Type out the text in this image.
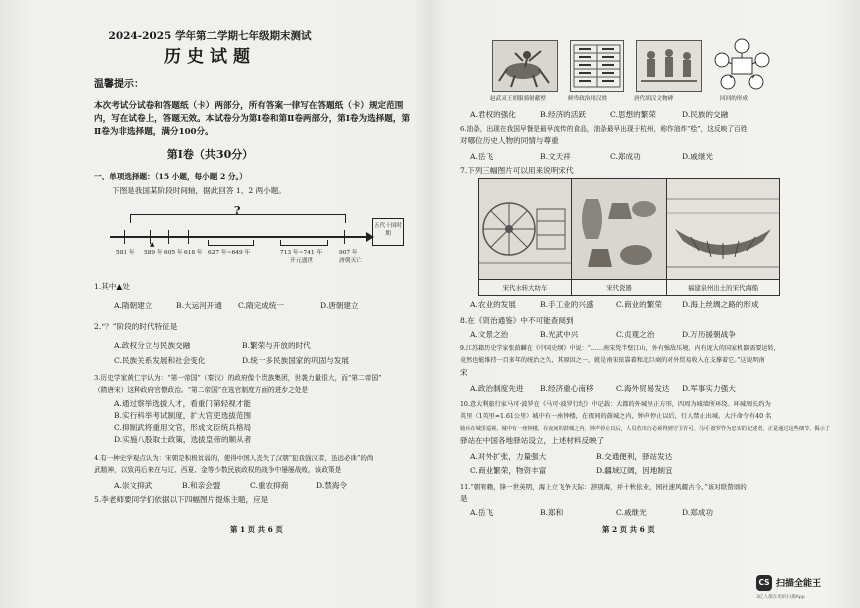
2024-2025 学年第二学期七年级期末测试
历史试题
温馨提示：
本次考试分试卷和答题纸（卡）两部分，所有答案一律写在答题纸（卡）规定范围内，写在试卷上，答题无效。本试卷分为第Ⅰ卷和第Ⅱ卷两部分，第Ⅰ卷为选择题，第Ⅱ卷为非选择题，满分100分。
第Ⅰ卷（共30分）
一、单项选择题：（15 小题，每小题 2 分。）
下图是我国某阶段时间轴，据此回答 1、2 两小题。
?
581 年 589 年 605 年 618 年 627 年~649 年	713 年~741 年	907 年
▲
开元盛世	唐朝灭亡
五代十国时期
1.其中▲处
A.隋朝建立	B.大运河开通 C.隋完成统一	D.唐朝建立
2.“？”阶段的时代特征是
A.政权分立与民族交融	B.繁荣与开放的时代
C.民族关系发展和社会变化	D.统一多民族国家的巩固与发展
3.历史学家黄仁宇认为：“第一帝国”（秦汉）的政府像个贵族集团，世袭力量很大，而“第二帝国”
（隋唐宋）这种政府官僚政治。“第二帝国”在选官制度方面的进步之处是
A.通过察举选拔人才，看重门第轻视才能
B.实行科举考试制度，扩大官吏选拔范围
C.抑制武将重用文官，形成文臣统兵格局
D.实施八股取士政策，选拔皇帝的顺从者
4.有一种史学观点认为：宋朝是积极贫弱的，使得中国人丧失了汉朝“犯我强汉者，虽远必诛”的尚
武精神，以致再后来在与辽、西夏、金等少数民族政权的战争中屡屡战败。该政策是
A.崇文抑武	B.和亲会盟	C.重农抑商	D.禁海令
5.李老师要同学们依据以下四幅图片提炼主题，应是
第 1 页 共 6 页
赵武灵王胡服骑射献壁	鲜卑政治用汉姓	唐代胡汉文物碑	回回的形成
A.君权的强化	B.经济的活跃	C.思想的繁荣	D.民族的交融
6.油条，出现在我国早餐是最早流传的食品，油条最早出现于杭州，称作油炸“桧”，这反映了百姓
对哪位历史人物的同情与尊重
A.岳飞	B.文天祥	C.郑成功	D.戚继光
7.下列三幅图片可以用来说明宋代
宋代水转大纺车	宋代瓷器	福建泉州出土的宋代海船
A.农业的发展	B.手工业的兴盛	C.商业的繁荣	D.海上丝绸之路的形成
8.在《资治通鉴》中不可能查阅到
A.文景之治	B.光武中兴	C.贞观之治	D.万历援朝战争
9.江苏籍历史学家张荫麟在《中国史纲》中说：“……南宋凭半壁江山，外有强敌压境，内有庞大的国家机器需要运转，
竟然也能维持一百多年的统治之久，其原因之一，就是南宋依靠着和北巨商的对外贸易收入在支撑着它。”这说明南
宋
A.政治制度先进 B.经济重心南移	C.海外贸易发达 D.军事实力强大
10.意大利旅行家马可·波罗在《马可·波罗行纪》中记载：大都的外城呈正方形，四周为城墙所环绕。环城周长约为
英里（1英里≈1.61公里）城中有一座钟楼，在夜间的鼓城之内，钟声停止以后，行人禁止出城。大汗命令有40 名
骑兵在城里巡视。城中有一座钟楼，在夜间的鼓城之内，钟声停止以后，人员若出行必须得到守卫许可。马可·波罗作为忠实的记述者，正是通过这些细节，揭示了
驿站在中国各地驿站设立，上述材料反映了
A.对外扩张，力量强大	B.交通便利，驿站发达
C.商业繁荣，物资丰富	D.疆域辽阔，因地制宜
11.“朝宥赖，锋一世英明，海上立飞争天际：辞别海，并十秋依业，园社速风耀古今。”该对联赞颂的
是
A.岳飞	B.郑和	C.戚继光	D.郑成功
第 2 页 共 6 页
CS 扫描全能王
3亿人都在用的扫描App
